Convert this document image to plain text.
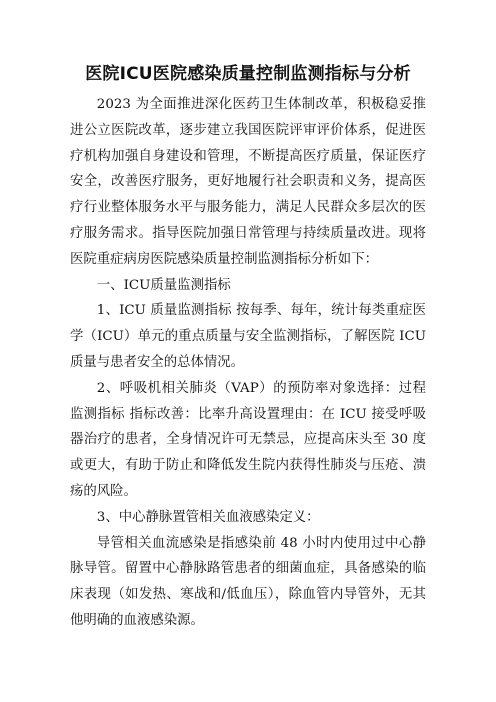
医院ICU医院感染质量控制监测指标与分析

2023 为全面推进深化医药卫生体制改革，积极稳妥推进公立医院改革，逐步建立我国医院评审评价体系，促进医疗机构加强自身建设和管理，不断提高医疗质量，保证医疗安全，改善医疗服务，更好地履行社会职责和义务，提高医疗行业整体服务水平与服务能力，满足人民群众多层次的医疗服务需求。指导医院加强日常管理与持续质量改进。现将医院重症病房医院感染质量控制监测指标分析如下：

一、ICU质量监测指标

1、ICU 质量监测指标 按每季、每年，统计每类重症医学（ICU）单元的重点质量与安全监测指标，了解医院 ICU 质量与患者安全的总体情况。

2、呼吸机相关肺炎（VAP）的预防率对象选择：过程监测指标 指标改善：比率升高设置理由：在 ICU 接受呼吸器治疗的患者，全身情况许可无禁忌，应提高床头至 30 度或更大，有助于防止和降低发生院内获得性肺炎与压疮、溃疡的风险。

3、中心静脉置管相关血液感染定义：

导管相关血流感染是指感染前 48 小时内使用过中心静脉导管。留置中心静脉路管患者的细菌血症，具备感染的临床表现（如发热、寒战和/低血压），除血管内导管外，无其他明确的血液感染源。
